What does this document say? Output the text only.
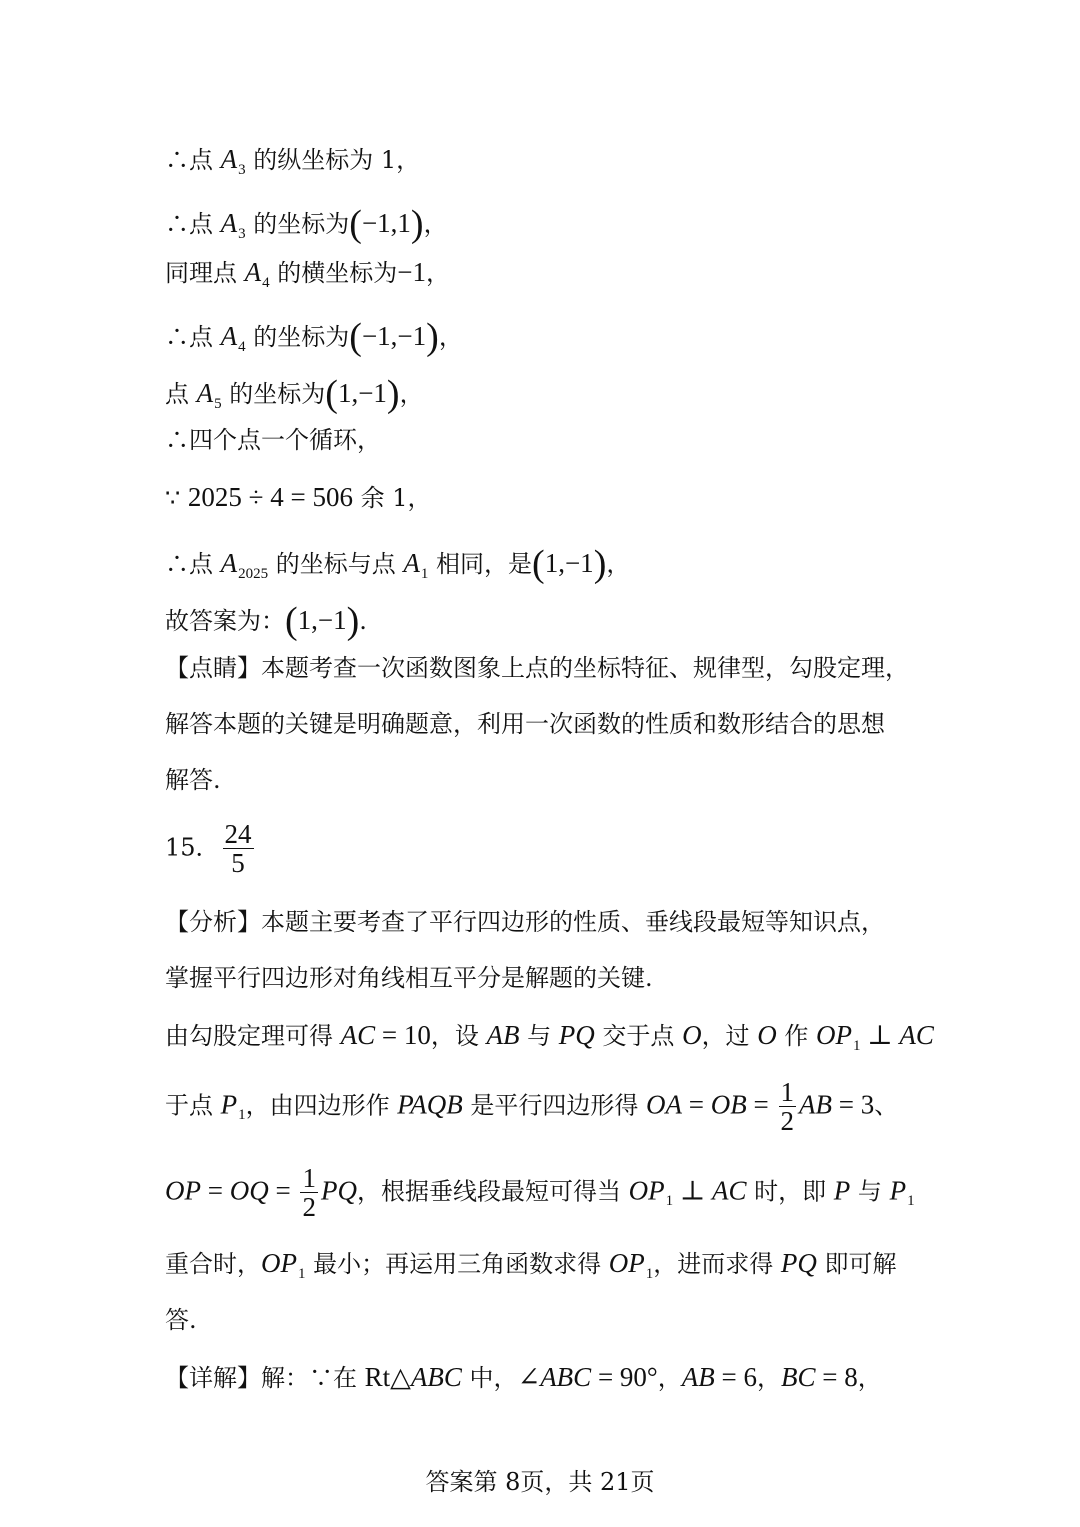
∴点 $A_3$ 的纵坐标为 1，
∴点 $A_3$ 的坐标为(−1,1)，
同理点 $A_4$ 的横坐标为−1，
∴点 $A_4$ 的坐标为(−1,−1)，
点 $A_5$ 的坐标为(1,−1)，
∴四个点一个循环，
∵ 2025 ÷ 4 = 506 余 1，
∴点 $A_{2025}$ 的坐标与点 $A_1$ 相同，是(1,−1)，
故答案为：(1,−1).
【点睛】本题考查一次函数图象上点的坐标特征、规律型，勾股定理，
解答本题的关键是明确题意，利用一次函数的性质和数形结合的思想
解答.
15． $\frac{24}{5}$
【分析】本题主要考查了平行四边形的性质、垂线段最短等知识点，
掌握平行四边形对角线相互平分是解题的关键.
由勾股定理可得 AC = 10，设 AB 与 PQ 交于点 O，过 O 作 $OP_1$ ⊥ AC
于点 $P_1$，由四边形作 PAQB 是平行四边形得 OA = OB = $\frac{1}{2}$ AB = 3、
OP = OQ = $\frac{1}{2}$ PQ，根据垂线段最短可得当 $OP_1$ ⊥ AC 时，即 P 与 $P_1$
重合时，$OP_1$ 最小；再运用三角函数求得 $OP_1$，进而求得 PQ 即可解
答.
【详解】解：∵在 Rt△ABC 中，∠ABC = 90°，AB = 6，BC = 8，
答案第 8页，共 21页
